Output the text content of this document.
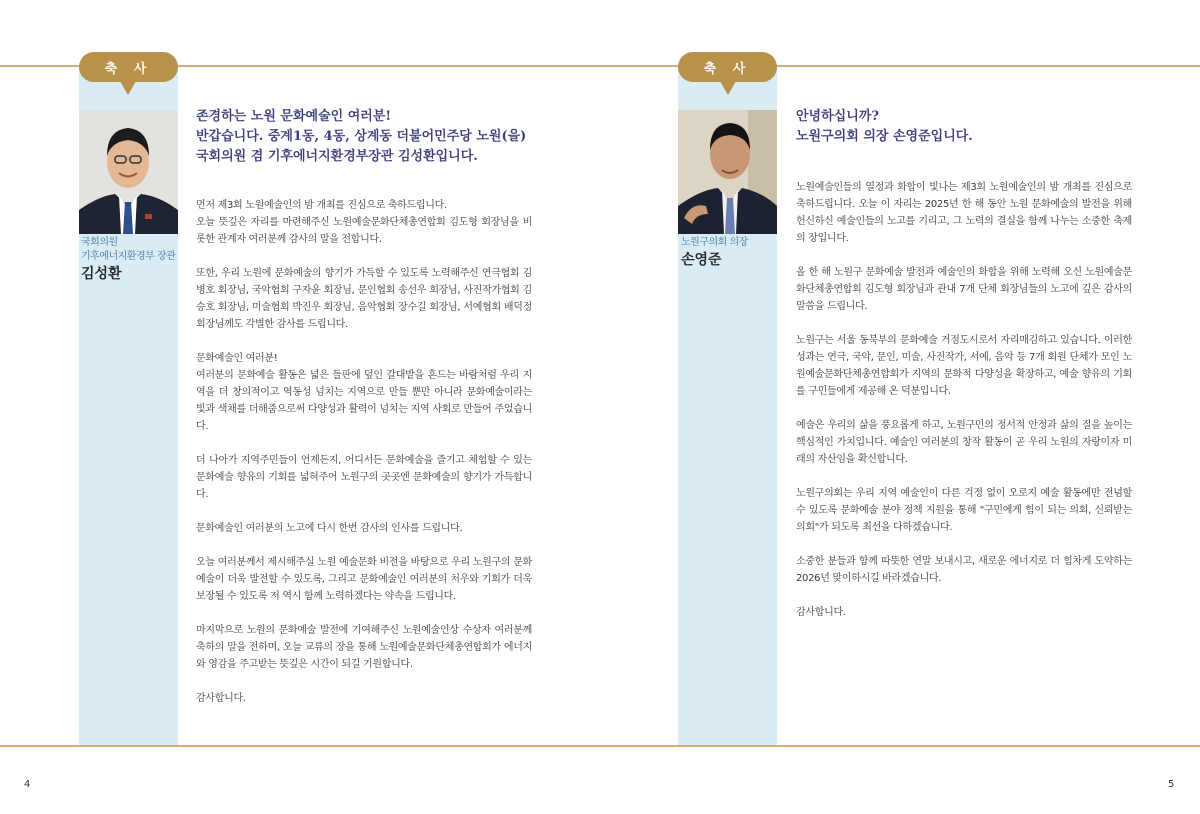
축 사
국회의원
기후에너지환경부 장관
김성환
존경하는 노원 문화예술인 여러분!
반갑습니다. 중계1동, 4동, 상계동 더불어민주당 노원(을)
국회의원 겸 기후에너지환경부장관 김성환입니다.

먼저 제3회 노원예술인의 밤 개최를 진심으로 축하드립니다.
오늘 뜻깊은 자리를 마련해주신 노원예술문화단체총연합회 김도형 회장님을 비롯한 관계자 여러분께 감사의 말을 전합니다.

또한, 우리 노원에 문화예술의 향기가 가득할 수 있도록 노력해주신 연극협회 김병호 회장님, 국악협회 구자윤 회장님, 문인협회 송선우 회장님, 사진작가협회 김승호 회장님, 미술협회 박진우 회장님, 음악협회 장수길 회장님, 서예협회 배덕정 회장님께도 각별한 감사를 드립니다.

문화예술인 여러분!
여러분의 문화예술 활동은 넓은 들판에 덮인 갈대밭을 흔드는 바람처럼 우리 지역을 더 창의적이고 역동성 넘치는 지역으로 만들 뿐만 아니라 문화예술이라는 빛과 색채를 더해줌으로써 다양성과 활력이 넘치는 지역 사회로 만들어 주었습니다.

더 나아가 지역주민들이 언제든지, 어디서든 문화예술을 즐기고 체험할 수 있는 문화예술 향유의 기회를 넓혀주어 노원구의 곳곳엔 문화예술의 향기가 가득합니다.

문화예술인 여러분의 노고에 다시 한번 감사의 인사를 드립니다.

오늘 여러분께서 제시해주실 노원 예술문화 비전을 바탕으로 우리 노원구의 문화예술이 더욱 발전할 수 있도록, 그리고 문화예술인 여러분의 처우와 기회가 더욱 보장될 수 있도록 저 역시 함께 노력하겠다는 약속을 드립니다.

마지막으로 노원의 문화예술 발전에 기여해주신 노원예술인상 수상자 여러분께 축하의 말을 전하며, 오늘 교류의 장을 통해 노원예술문화단체총연합회가 에너지와 영감을 주고받는 뜻깊은 시간이 되길 기원합니다.

감사합니다.

4
축 사
노원구의회 의장
손영준
안녕하십니까?
노원구의회 의장 손영준입니다.

노원예술인들의 열정과 화합이 빛나는 제3회 노원예술인의 밤 개최를 진심으로 축하드립니다. 오늘 이 자리는 2025년 한 해 동안 노원 문화예술의 발전을 위해 헌신하신 예술인들의 노고를 기리고, 그 노력의 결실을 함께 나누는 소중한 축제의 장입니다.

올 한 해 노원구 문화예술 발전과 예술인의 화합을 위해 노력해 오신 노원예술문화단체총연합회 김도형 회장님과 관내 7개 단체 회장님들의 노고에 깊은 감사의 말씀을 드립니다.

노원구는 서울 동북부의 문화예술 거점도시로서 자리매김하고 있습니다. 이러한 성과는 연극, 국악, 문인, 미술, 사진작가, 서예, 음악 등 7개 회원 단체가 모인 노원예술문화단체총연합회가 지역의 문화적 다양성을 확장하고, 예술 향유의 기회를 구민들에게 제공해 온 덕분입니다.

예술은 우리의 삶을 풍요롭게 하고, 노원구민의 정서적 안정과 삶의 질을 높이는 핵심적인 가치입니다. 예술인 여러분의 창작 활동이 곧 우리 노원의 자랑이자 미래의 자산임을 확신합니다.

노원구의회는 우리 지역 예술인이 다른 걱정 없이 오로지 예술 활동에만 전념할 수 있도록 문화예술 분야 정책 지원을 통해 "구민에게 힘이 되는 의회, 신뢰받는 의회"가 되도록 최선을 다하겠습니다.

소중한 분들과 함께 따뜻한 연말 보내시고, 새로운 에너지로 더 힘차게 도약하는 2026년 맞이하시길 바라겠습니다.

감사합니다.

5
